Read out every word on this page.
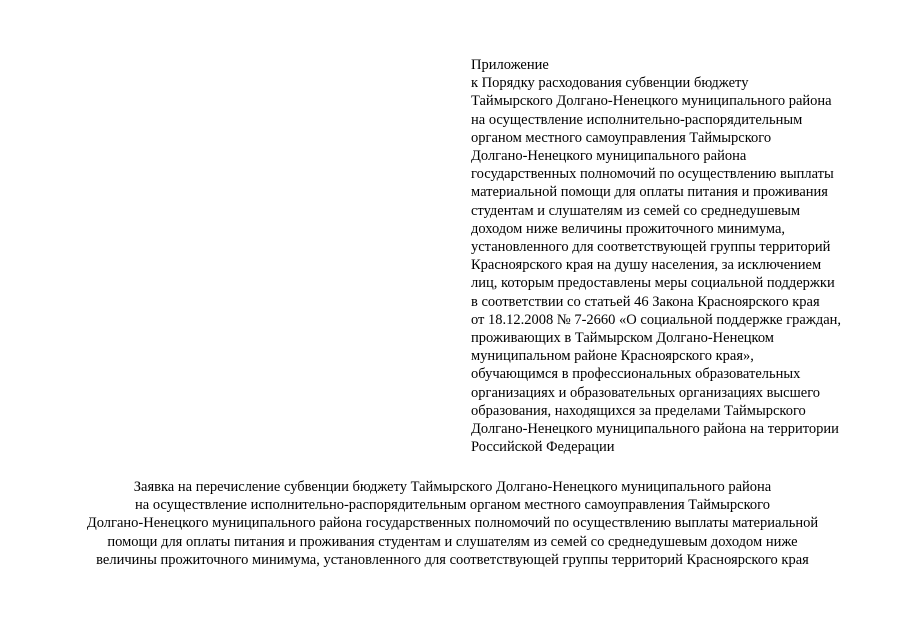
Приложение
к Порядку расходования субвенции бюджету
Таймырского Долгано-Ненецкого муниципального района
на осуществление исполнительно-распорядительным
органом местного самоуправления Таймырского
Долгано-Ненецкого муниципального района
государственных полномочий по осуществлению выплаты
материальной помощи для оплаты питания и проживания
студентам и слушателям из семей со среднедушевым
доходом ниже величины прожиточного минимума,
установленного для соответствующей группы территорий
Красноярского края на душу населения, за исключением
лиц, которым предоставлены меры социальной поддержки
в соответствии со статьей 46 Закона Красноярского края
от 18.12.2008 № 7-2660 «О социальной поддержке граждан,
проживающих в Таймырском Долгано-Ненецком
муниципальном районе Красноярского края»,
обучающимся в профессиональных образовательных
организациях и образовательных организациях высшего
образования, находящихся за пределами Таймырского
Долгано-Ненецкого муниципального района на территории
Российской Федерации
Заявка на перечисление субвенции бюджету Таймырского Долгано-Ненецкого муниципального района
на осуществление исполнительно-распорядительным органом местного самоуправления Таймырского
Долгано-Ненецкого муниципального района государственных полномочий по осуществлению выплаты материальной
помощи для оплаты питания и проживания студентам и слушателям из семей со среднедушевым доходом ниже
величины прожиточного минимума, установленного для соответствующей группы территорий Красноярского края
